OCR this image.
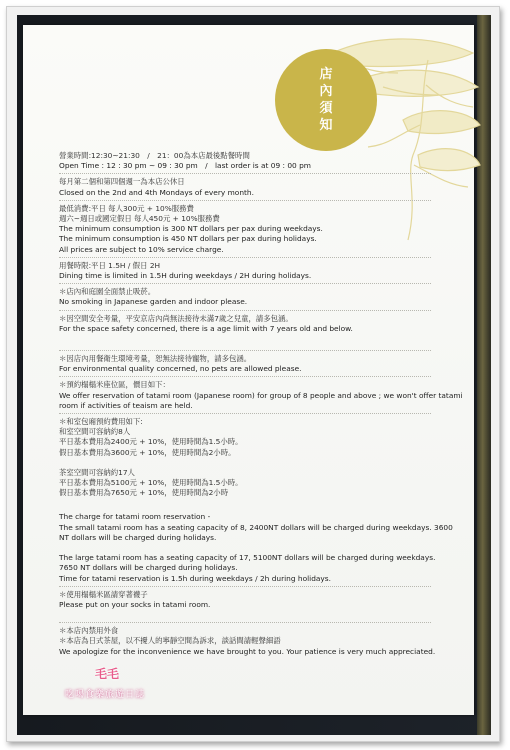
店
內
須
知
營業時間:12:30~21:30　/　21：00為本店最後點餐時間
Open Time : 12 : 30 pm ~ 09 : 30 pm　/　last order is at 09 : 00 pm
每月第二個和第四個週一為本店公休日
Closed on the 2nd and 4th Mondays of every month.
最低消費:平日 每人300元 + 10%服務費
週六~週日或國定假日 每人450元 + 10%服務費
The minimum consumption is 300 NT dollars per pax during weekdays.
The minimum consumption is 450 NT dollars per pax during holidays.
All prices are subject to 10% service charge.
用餐時限:平日 1.5H / 假日 2H
Dining time is limited in 1.5H during weekdays / 2H during holidays.
＊店內和庭園全面禁止吸菸。
No smoking in Japanese garden and indoor please.
＊因空間安全考量，平安京店內尚無法接待未滿7歲之兒童，請多包涵。
For the space safety concerned, there is a age limit with 7 years old and below.
＊因店內用餐衛生環境考量，恕無法接待寵物，請多包涵。
For environmental quality concerned, no pets are allowed please.
＊預約榻榻米座位區，價目如下：
We offer reservation of tatami room (Japanese room) for group of 8 people and above ; we won't offer tatami
room if activities of teaism are held.
＊和室包廂預約費用如下:
和室空間可容納約8人
平日基本費用為2400元 + 10%，使用時間為1.5小時。
假日基本費用為3600元 + 10%，使用時間為2小時。
茶室空間可容納約17人
平日基本費用為5100元 + 10%，使用時間為1.5小時。
假日基本費用為7650元 + 10%，使用時間為2小時
The charge for tatami room reservation -
The small tatami room has a seating capacity of 8, 2400NT dollars will be charged during weekdays. 3600
NT dollars will be charged during holidays.
The large tatami room has a seating capacity of 17, 5100NT dollars will be charged during weekdays.
7650 NT dollars will be charged during holidays.
Time for tatami reservation is 1.5h during weekdays / 2h during holidays.
＊使用榻榻米區請穿著襪子
Please put on your socks in tatami room.
＊本店內禁用外食
＊本店為日式茶屋，以不擾人的寧靜空間為訴求，談話間請輕聲細語
We apologize for the inconvenience we have brought to you. Your patience is very much appreciated.
毛毛
吃喝食樂旅遊日誌
